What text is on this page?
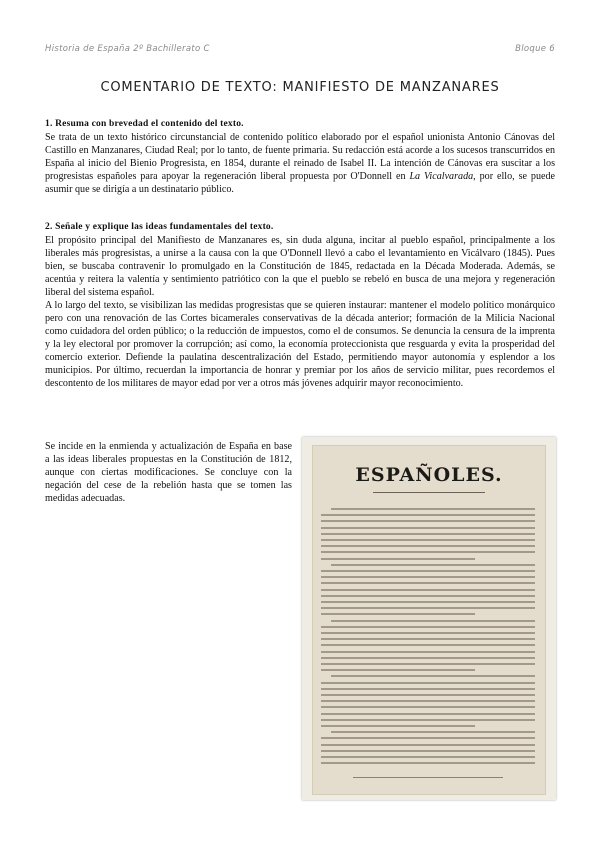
Historia de España 2º Bachillerato C	Bloque 6
COMENTARIO DE TEXTO: MANIFIESTO DE MANZANARES
1. Resuma con brevedad el contenido del texto.

Se trata de un texto histórico circunstancial de contenido político elaborado por el español unionista Antonio Cánovas del Castillo en Manzanares, Ciudad Real; por lo tanto, de fuente primaria. Su redacción está acorde a los sucesos transcurridos en España al inicio del Bienio Progresista, en 1854, durante el reinado de Isabel II. La intención de Cánovas era suscitar a los progresistas españoles para apoyar la regeneración liberal propuesta por O'Donnell en La Vicalvarada, por ello, se puede asumir que se dirigía a un destinatario público.

2. Señale y explique las ideas fundamentales del texto.

El propósito principal del Manifiesto de Manzanares es, sin duda alguna, incitar al pueblo español, principalmente a los liberales más progresistas, a unirse a la causa con la que O'Donnell llevó a cabo el levantamiento en Vicálvaro (1845). Pues bien, se buscaba contravenir lo promulgado en la Constitución de 1845, redactada en la Década Moderada. Además, se acentúa y reitera la valentía y sentimiento patriótico con la que el pueblo se rebeló en busca de una mejora y regeneración liberal del sistema español.

A lo largo del texto, se visibilizan las medidas progresistas que se quieren instaurar: mantener el modelo político monárquico pero con una renovación de las Cortes bicamerales conservativas de la década anterior; formación de la Milicia Nacional como cuidadora del orden público; o la reducción de impuestos, como el de consumos. Se denuncia la censura de la imprenta y la ley electoral por promover la corrupción; así como, la economía proteccionista que resguarda y evita la prosperidad del comercio exterior. Defiende la paulatina descentralización del Estado, permitiendo mayor autonomía y esplendor a los municipios. Por último, recuerdan la importancia de honrar y premiar por los años de servicio militar, pues recordemos el descontento de los militares de mayor edad por ver a otros más jóvenes adquirir mayor reconocimiento.

Se incide en la enmienda y actualización de España en base a las ideas liberales propuestas en la Constitución de 1812, aunque con ciertas modificaciones. Se concluye con la negación del cese de la rebelión hasta que se tomen las medidas adecuadas.
ESPAÑOLES.
